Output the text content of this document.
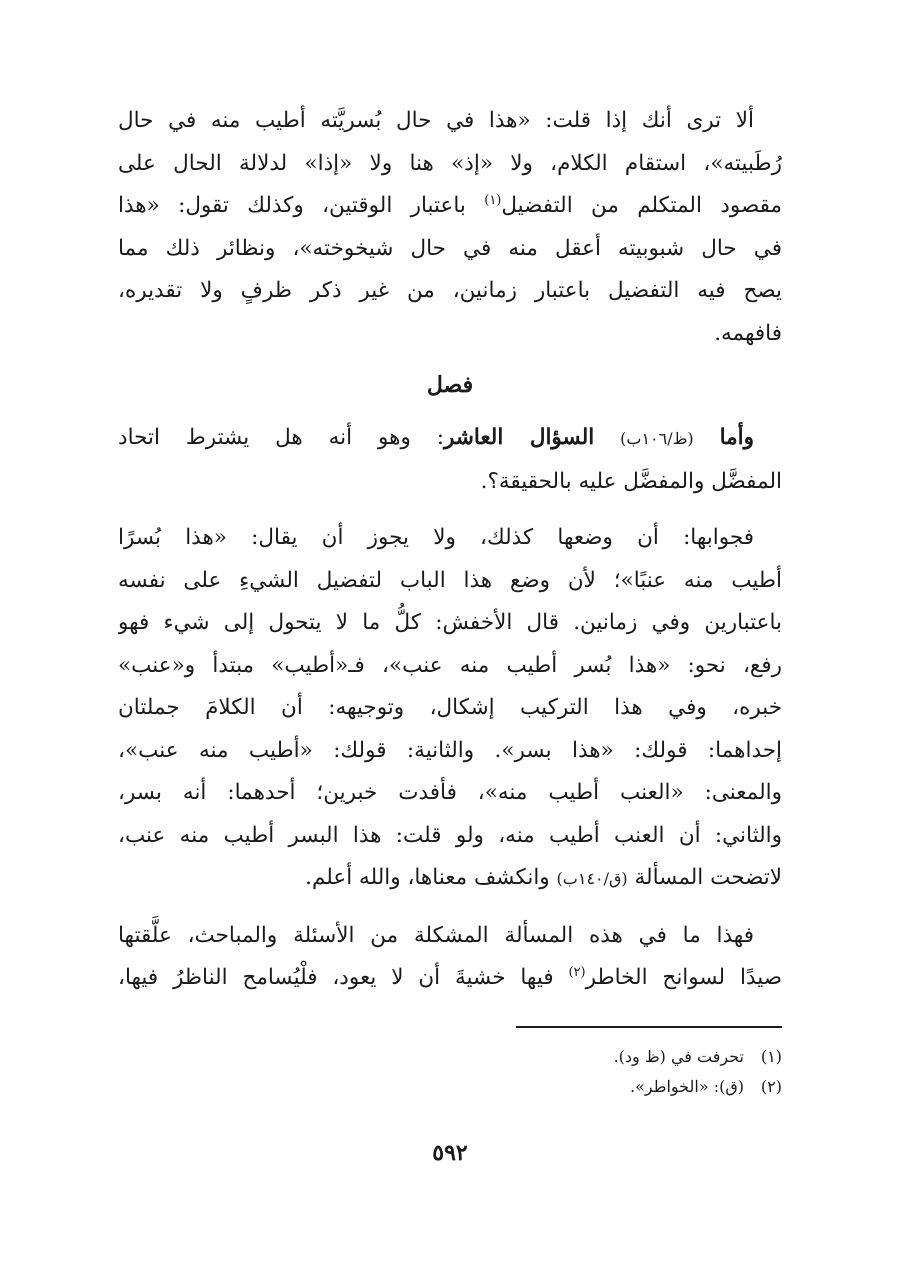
ألا ترى أنك إذا قلت: «هذا في حال بُسريَّته أطيب منه في حال
رُطَبيته»، استقام الكلام، ولا «إذ» هنا ولا «إذا» لدلالة الحال على
مقصود المتكلم من التفضيل$^{(١)}$ باعتبار الوقتين، وكذلك تقول: «هذا
في حال شبوبيته أعقل منه في حال شيخوخته»، ونظائر ذلك مما
يصح فيه التفضيل باعتبار زمانين، من غير ذكر ظرفٍ ولا تقديره،
فافهمه.

فصل

وأما (ظ/١٠٦ب) السؤال العاشر: وهو أنه هل يشترط اتحاد
المفضَّل والمفضَّل عليه بالحقيقة؟.

فجوابها: أن وضعها كذلك، ولا يجوز أن يقال: «هذا بُسرًا
أطيب منه عنبًا»؛ لأن وضع هذا الباب لتفضيل الشيءِ على نفسه
باعتبارين وفي زمانين. قال الأخفش: كلُّ ما لا يتحول إلى شيء فهو
رفع، نحو: «هذا بُسر أطيب منه عنب»، فـ«أطيب» مبتدأ و«عنب»
خبره، وفي هذا التركيب إشكال، وتوجيهه: أن الكلامَ جملتان
إحداهما: قولك: «هذا بسر». والثانية: قولك: «أطيب منه عنب»،
والمعنى: «العنب أطيب منه»، فأفدت خبرين؛ أحدهما: أنه بسر،
والثاني: أن العنب أطيب منه، ولو قلت: هذا البسر أطيب منه عنب،
لاتضحت المسألة (ق/١٤٠ب) وانكشف معناها، والله أعلم.

فهذا ما في هذه المسألة المشكلة من الأسئلة والمباحث، علَّقتها
صيدًا لسوانح الخاطر$^{(٢)}$ فيها خشيةَ أن لا يعود، فلْيُسامح الناظرُ فيها،

(١)تحرفت في (ظ ود).
(٢)(ق): «الخواطر».
٥٩٢
